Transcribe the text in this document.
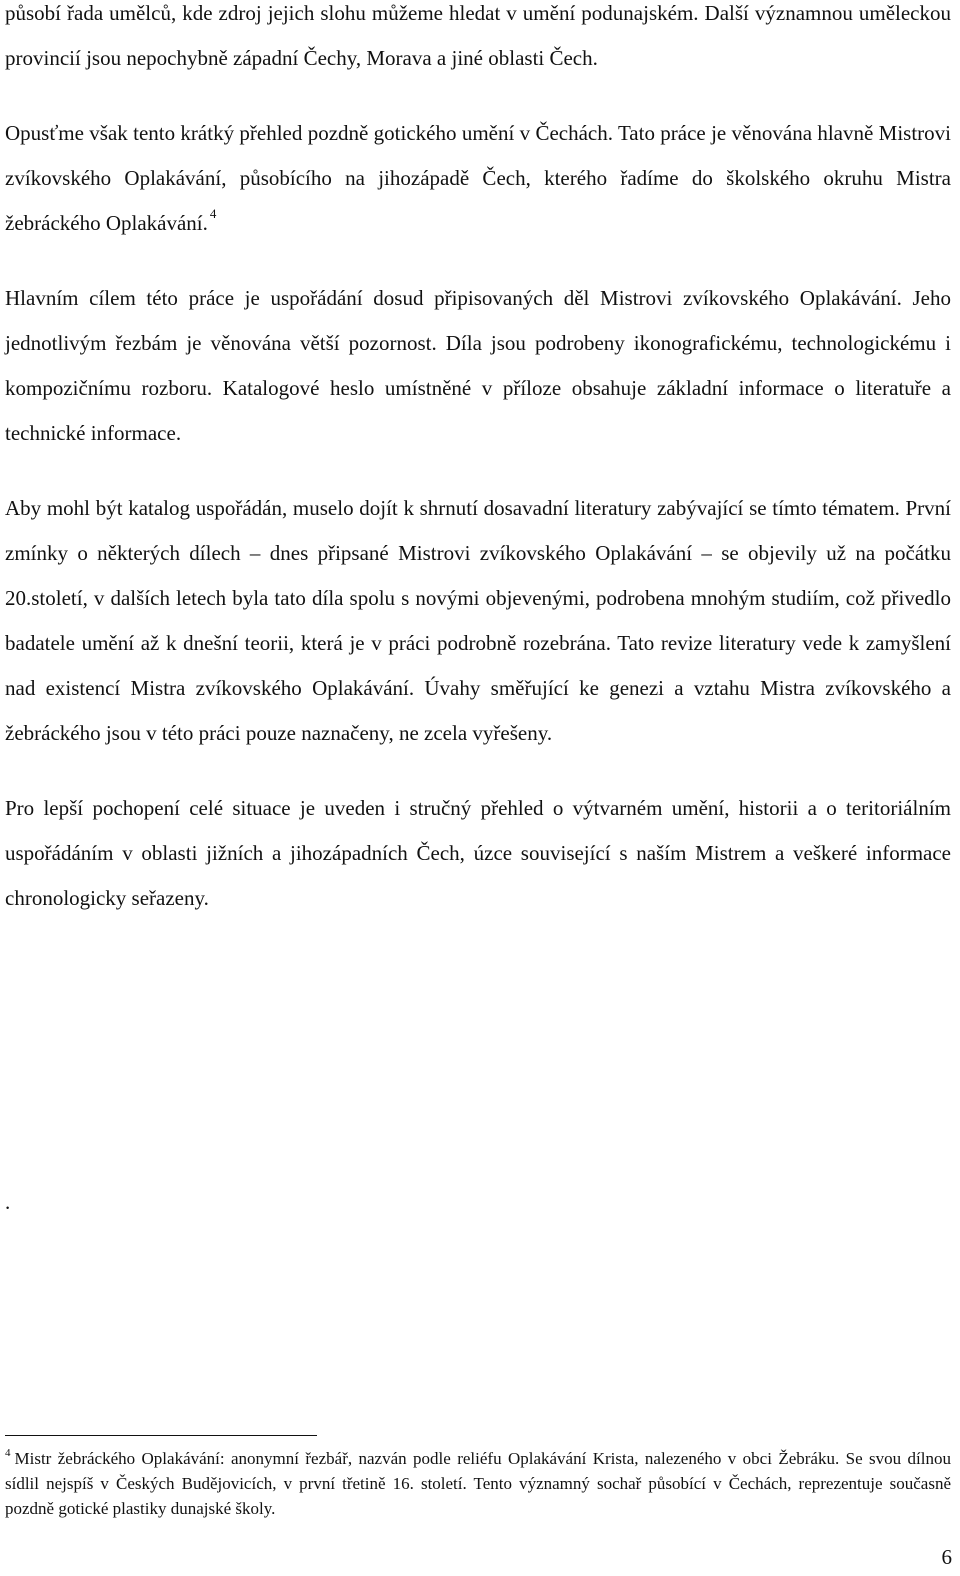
působí řada umělců, kde zdroj jejich slohu můžeme hledat v umění podunajském. Další významnou uměleckou provincií jsou nepochybně západní Čechy, Morava a jiné oblasti Čech.

Opusťme však tento krátký přehled pozdně gotického umění v Čechách. Tato práce je věnována hlavně Mistrovi zvíkovského Oplakávání, působícího na jihozápadě Čech, kterého řadíme do školského okruhu Mistra žebráckého Oplakávání. $^4$

Hlavním cílem této práce je uspořádání dosud připisovaných děl Mistrovi zvíkovského Oplakávání. Jeho jednotlivým řezbám je věnována větší pozornost. Díla jsou podrobeny ikonografickému, technologickému i kompozičnímu rozboru. Katalogové heslo umístněné v příloze obsahuje základní informace o literatuře a technické informace.

Aby mohl být katalog uspořádán, muselo dojít k shrnutí dosavadní literatury zabývající se tímto tématem. První zmínky o některých dílech – dnes připsané Mistrovi zvíkovského Oplakávání – se objevily už na počátku 20.století, v dalších letech byla tato díla spolu s novými objevenými, podrobena mnohým studiím, což přivedlo badatele umění až k dnešní teorii, která je v práci podrobně rozebrána. Tato revize literatury vede k zamyšlení nad existencí Mistra zvíkovského Oplakávání. Úvahy směřující ke genezi a vztahu Mistra zvíkovského a žebráckého jsou v této práci pouze naznačeny, ne zcela vyřešeny.

Pro lepší pochopení celé situace je uveden i stručný přehled o výtvarném umění, historii a o teritoriálním uspořádáním v oblasti jižních a jihozápadních Čech, úzce související s naším Mistrem a veškeré informace chronologicky seřazeny.

.
$^4$ Mistr žebráckého Oplakávání: anonymní řezbář, nazván podle reliéfu Oplakávání Krista, nalezeného v obci Žebráku. Se svou dílnou sídlil nejspíš v Českých Budějovicích, v první třetině 16. století. Tento významný sochař působící v Čechách, reprezentuje současně pozdně gotické plastiky dunajské školy.
6
